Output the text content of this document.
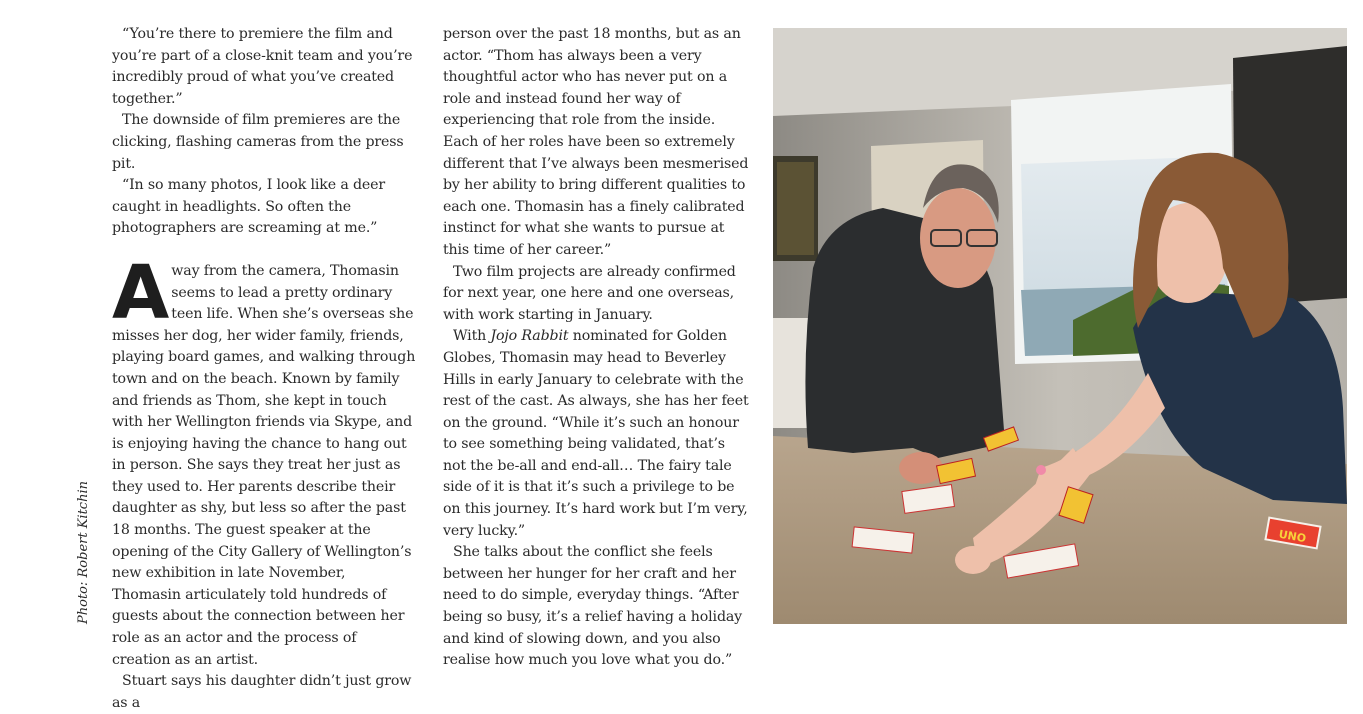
Photo: Robert Kitchin

“You’re there to premiere the film and you’re part of a close-knit team and you’re incredibly proud of what you’ve created together.”

The downside of film premieres are the clicking, flashing cameras from the press pit.

“In so many photos, I look like a deer caught in headlights. So often the photographers are screaming at me.”

Away from the camera, Thomasin seems to lead a pretty ordinary teen life. When she’s overseas she misses her dog, her wider family, friends, playing board games, and walking through town and on the beach. Known by family and friends as Thom, she kept in touch with her Wellington friends via Skype, and is enjoying having the chance to hang out in person. She says they treat her just as they used to. Her parents describe their daughter as shy, but less so after the past 18 months. The guest speaker at the opening of the City Gallery of Wellington’s new exhibition in late November, Thomasin articulately told hundreds of guests about the connection between her role as an actor and the process of creation as an artist.

Stuart says his daughter didn’t just grow as a

person over the past 18 months, but as an actor. “Thom has always been a very thoughtful actor who has never put on a role and instead found her way of experiencing that role from the inside. Each of her roles have been so extremely different that I’ve always been mesmerised by her ability to bring different qualities to each one. Thomasin has a finely calibrated instinct for what she wants to pursue at this time of her career.”

Two film projects are already confirmed for next year, one here and one overseas, with work starting in January.

With Jojo Rabbit nominated for Golden Globes, Thomasin may head to Beverley Hills in early January to celebrate with the rest of the cast. As always, she has her feet on the ground. “While it’s such an honour to see something being validated, that’s not the be-all and end-all… The fairy tale side of it is that it’s such a privilege to be on this journey. It’s hard work but I’m very, very lucky.”

She talks about the conflict she feels between her hunger for her craft and her need to do simple, everyday things. “After being so busy, it’s a relief having a holiday and kind of slowing down, and you also realise how much you love what you do.”

UNO
